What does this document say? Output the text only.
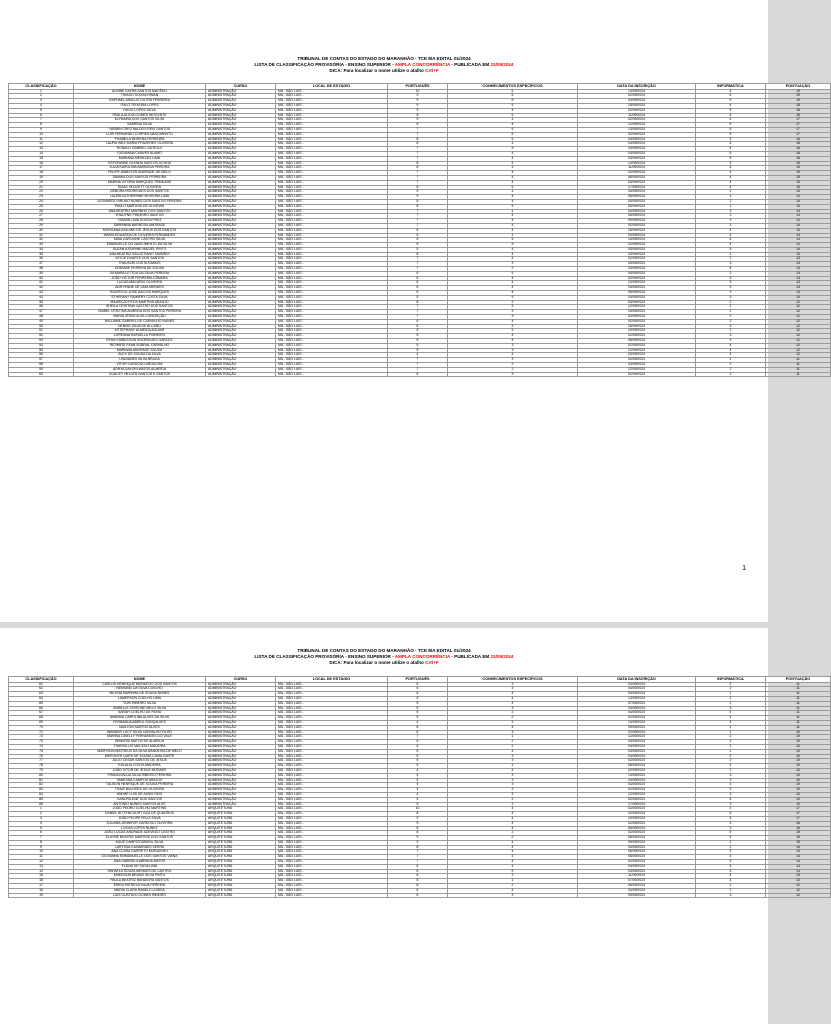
TRIBUNAL DE CONTAS DO ESTADO DO MARANHÃO - TCE MA EDITAL 01/2024
LISTA DE CLASSIFICAÇÃO PROVISÓRIA - ENSINO SUPERIOR - AMPLA CONCORRÊNCIA - PUBLICADA EM 23/09/2024
DICA: Para localizar o nome utilize o atalho Crtl+F
CLASSIFICAÇÃO	NOME	CURSO	LOCAL DE ESTÁGIO	PORTUGUÊS	CONHECIMENTOS ESPECÍFICOS	DATA DA INSCRIÇÃO	INFORMÁTICA	PONTUAÇÃO
1	ALINNE KAYRA SANTOS MACÊDO	ADMINISTRAÇÃO	MA - SÃO LUÍS -	10	5	13/09/2024	4	19
2	THIAGO SOUSA PAVAN	ADMINISTRAÇÃO	MA - SÃO LUÍS -	9	5	02/09/2024	5	19
3	RAPHAEL ARAUJO DUTRA FERREIRA	ADMINISTRAÇÃO	MA - SÃO LUÍS -	9	5	04/09/2024	5	19
4	ITALO TEIXEIRA LOPES	ADMINISTRAÇÃO	MA - SÃO LUÍS -	9	5	15/09/2024	4	18
5	HUGO LOPES SILVA	ADMINISTRAÇÃO	MA - SÃO LUÍS -	9	4	02/09/2024	5	18
6	PAULA ALICIA GOMES INOCENTE	ADMINISTRAÇÃO	MA - SÃO LUÍS -	8	5	11/09/2024	5	18
7	ELYNAIRA DOS SANTOS SILVA	ADMINISTRAÇÃO	MA - SÃO LUÍS -	9	4	02/09/2024	4	17
8	SABRINA SILVA	ADMINISTRAÇÃO	MA - SÃO LUÍS -	8	4	12/09/2024	5	17
9	YASMIN CRISTINA DOS REIS SANTOS	ADMINISTRAÇÃO	MA - SÃO LUÍS -	7	5	13/09/2024	5	17
10	LUIS FERNANDO CORREA NASCIMENTO	ADMINISTRAÇÃO	MA - SÃO LUÍS -	7	5	02/09/2024	5	17
11	PHAMELA MORENA FERREIRA	ADMINISTRAÇÃO	MA - SÃO LUÍS -	8	5	03/09/2024	3	16
12	LAURA INEZ MARIA PRAZERES OLIVEIRA	ADMINISTRAÇÃO	MA - SÃO LUÍS -	8	4	04/09/2024	4	16
13	RONALD GABRIEL SA ROLO	ADMINISTRAÇÃO	MA - SÃO LUÍS -	7	5	04/09/2024	4	16
14	GIOVANNA CHAVES ALAMO	ADMINISTRAÇÃO	MA - SÃO LUÍS -	7	4	04/09/2024	5	16
15	MARIANA MENEZES LIMA	ADMINISTRAÇÃO	MA - SÃO LUÍS -	7	4	03/09/2024	5	16
16	ESTEFANNE GLENDA SANTOS UCHOA	ADMINISTRAÇÃO	MA - SÃO LUÍS -	8	4	10/09/2024	3	15
17	JULIA KAROLINA BARBOSA PEREIRA	ADMINISTRAÇÃO	MA - SÃO LUÍS -	8	3	11/09/2024	4	15
18	FELIPE WABSTER ANDRADE DE MELO	ADMINISTRAÇÃO	MA - SÃO LUÍS -	7	4	02/09/2024	4	15
19	SAMIKA DOS SANTOS FERREIRA	ADMINISTRAÇÃO	MA - SÃO LUÍS -	7	4	06/09/2024	4	15
20	MARINA VITÓRIA MARQUES TRINDADE	ADMINISTRAÇÃO	MA - SÃO LUÍS -	7	4	04/09/2024	4	15
21	ISAAC HOZZETT OLIVEIRA	ADMINISTRAÇÃO	MA - SÃO LUÍS -	6	5	17/09/2024	4	15
22	DÉBORA RODRIGUES DOS SANTOS	ADMINISTRAÇÃO	MA - SÃO LUÍS -	9	4	04/09/2024	1	14
23	LAURA KATHERINNE MOREIRA LIMA	ADMINISTRAÇÃO	MA - SÃO LUÍS -	9	4	06/09/2024	1	14
24	LEONARDO BRUNO NUNES DOS SANTOS PEREIRA	ADMINISTRAÇÃO	MA - SÃO LUÍS -	8	4	04/09/2024	2	14
25	PAULO MARTINS DE OLIVEIRA	ADMINISTRAÇÃO	MA - SÃO LUÍS -	8	5	05/09/2024	1	14
26	ANA BEATRIZ MARINHO DOS SANTOS	ADMINISTRAÇÃO	MA - SÃO LUÍS -	7	4	03/09/2024	3	14
27	THAUYNE PINHEIRO SANTOS	ADMINISTRAÇÃO	MA - SÃO LUÍS -	7	4	05/09/2024	3	14
28	YASMIN LIMA SOUSA FREZ	ADMINISTRAÇÃO	MA - SÃO LUÍS -	7	4	09/09/2024	3	14
29	SABRINNA BARBOSA ANDRADE	ADMINISTRAÇÃO	MA - SÃO LUÍS -	7	4	02/09/2024	3	14
30	MORGANA KAILANE DE JESUS DOS SANTOS	ADMINISTRAÇÃO	MA - SÃO LUÍS -	6	4	16/09/2024	4	14
31	MARIA EDUARDA DE OLIVEIRA FERNANDES	ADMINISTRAÇÃO	MA - SÃO LUÍS -	6	4	04/09/2024	4	14
32	MAIA CAROLINE CASTRO SILVA	ADMINISTRAÇÃO	MA - SÃO LUÍS -	5	5	10/09/2024	4	14
33	EMANUELLE DO NASCIMENTO DA SILVA	ADMINISTRAÇÃO	MA - SÃO LUÍS -	5	5	02/09/2024	4	14
34	SUZAN KATARINE MACIEL PINTO	ADMINISTRAÇÃO	MA - SÃO LUÍS -	5	4	03/09/2024	5	14
35	ANA BEATRIZ SALUSTIANO TAVARES	ADMINISTRAÇÃO	MA - SÃO LUÍS -	8	4	10/09/2024	1	13
36	JOYCE DUARTE DOS SANTOS	ADMINISTRAÇÃO	MA - SÃO LUÍS -	7	4	02/09/2024	2	13
37	THAUSON COSTA RAMOS	ADMINISTRAÇÃO	MA - SÃO LUÍS -	7	3	03/09/2024	3	13
38	LEIDIANE PEREIRA DE SOUSA	ADMINISTRAÇÃO	MA - SÃO LUÍS -	7	2	03/09/2024	4	13
39	SILMARA LETICIA DA SILVA PEREIRA	ADMINISTRAÇÃO	MA - SÃO LUÍS -	6	5	04/09/2024	2	13
40	JOÃO VICTOR FERREIRA CÂMARA	ADMINISTRAÇÃO	MA - SÃO LUÍS -	6	4	02/09/2024	3	13
41	LUCAS MACARIO OLIVEIRA	ADMINISTRAÇÃO	MA - SÃO LUÍS -	6	4	10/09/2024	3	13
42	ADRYENNE DE LIMA MENDES	ADMINISTRAÇÃO	MA - SÃO LUÍS -	6	4	04/09/2024	3	13
43	RODRYGO JOSÉ BACCHI MARQUES	ADMINISTRAÇÃO	MA - SÃO LUÍS -	6	4	05/09/2024	3	13
44	STHEFANY RAIMERY COSTA SILVA	ADMINISTRAÇÃO	MA - SÃO LUÍS -	5	5	04/09/2024	3	13
45	MAURICIO FELIX MARTINS ARAÚJO	ADMINISTRAÇÃO	MA - SÃO LUÍS -	8	2	04/09/2024	2	12
46	SHEILA CRISTINA CASTRO DOS SANTOS	ADMINISTRAÇÃO	MA - SÃO LUÍS -	7	3	12/09/2024	2	12
47	ISABEL CRISTINA ALMEIDA DOS SANTOS PEREIRA	ADMINISTRAÇÃO	MA - SÃO LUÍS -	7	3	03/09/2024	2	12
48	MARIA JÉSSICA DA CONCEIÇÃO	ADMINISTRAÇÃO	MA - SÃO LUÍS -	7	3	03/09/2024	2	12
49	WILLIAME GABRIEL DE CARVALHO NUNES	ADMINISTRAÇÃO	MA - SÃO LUÍS -	6	4	02/09/2024	2	12
50	DENISE SILVA DE ALCANO	ADMINISTRAÇÃO	MA - SÃO LUÍS -	6	3	16/09/2024	3	12
51	ESTEPHANY ALMEIDA AGUIAR	ADMINISTRAÇÃO	MA - SÃO LUÍS -	5	5	10/09/2024	2	12
52	LORENNA RAFAELLA PINHEIRO	ADMINISTRAÇÃO	MA - SÃO LUÍS -	5	4	02/09/2024	3	12
53	RYAN KAIBESSON RODRIGUES GARCEZ	ADMINISTRAÇÃO	MA - SÃO LUÍS -	5	4	08/09/2024	3	12
54	RICHARD RYAN SOBRAL CARVALHO	ADMINISTRAÇÃO	MA - SÃO LUÍS -	5	3	02/09/2024	4	12
55	MARIANA ANDRADE SOUSA	ADMINISTRAÇÃO	MA - SÃO LUÍS -	5	3	12/09/2024	4	12
56	ALEX DE SOUSA DA SILVA	ADMINISTRAÇÃO	MA - SÃO LUÍS -	4	4	03/09/2024	4	12
57	LINDIANES SILVA BRAGA	ADMINISTRAÇÃO	MA - SÃO LUÍS -	7	3	02/09/2024	1	11
58	VITOR CARDOSO AROUCHA	ADMINISTRAÇÃO	MA - SÃO LUÍS -	7	2	04/09/2024	2	11
59	ADRYA SAYORI MATOS ALMEIDA	ADMINISTRAÇÃO	MA - SÃO LUÍS -	7	2	12/09/2024	2	11
60	GUACEY HELLEN SANTOS E SANTOS	ADMINISTRAÇÃO	MA - SÃO LUÍS -	6	3	02/09/2024	2	11
1
TRIBUNAL DE CONTAS DO ESTADO DO MARANHÃO - TCE MA EDITAL 01/2024
LISTA DE CLASSIFICAÇÃO PROVISÓRIA - ENSINO SUPERIOR - AMPLA CONCORRÊNCIA - PUBLICADA EM 23/09/2024
DICA: Para localizar o nome utilize o atalho Crtl+F
CLASSIFICAÇÃO	NOME	CURSO	LOCAL DE ESTÁGIO	PORTUGUÊS	CONHECIMENTOS ESPECÍFICOS	DATA DA INSCRIÇÃO	INFORMÁTICA	PONTUAÇÃO
61	CARLOS HENRIQUE MONDEGO DOS SANTOS	ADMINISTRAÇÃO	MA - SÃO LUÍS -	6	3	03/09/2024	2	11
62	NEMIAND DA SILVA COELHO	ADMINISTRAÇÃO	MA - SÃO LUÍS -	6	3	04/09/2024	2	11
63	MILENA MARINHA DE SOUSA NUNES	ADMINISTRAÇÃO	MA - SÃO LUÍS -	6	4	03/09/2024	1	11
64	LAMERSON COELHO LIMA	ADMINISTRAÇÃO	MA - SÃO LUÍS -	5	4	13/09/2024	2	11
65	YURI RIBEIRO SILVA	ADMINISTRAÇÃO	MA - SÃO LUÍS -	5	4	07/09/2024	2	11
66	ISABELLE CRISTINE MELO SILVA	ADMINISTRAÇÃO	MA - SÃO LUÍS -	5	3	04/09/2024	3	11
67	SARAH COELHO DE PAIVA	ADMINISTRAÇÃO	MA - SÃO LUÍS -	5	2	04/09/2024	4	11
68	AMANDA CAROLINA ALVES DA SILVA	ADMINISTRAÇÃO	MA - SÃO LUÍS -	5	2	02/09/2024	4	11
69	FERNANDA ABREU GONÇALVES	ADMINISTRAÇÃO	MA - SÃO LUÍS -	4	3	13/09/2024	4	11
70	NAILTON SANTOS ALVES	ADMINISTRAÇÃO	MA - SÃO LUÍS -	6	4	09/09/2024	1	11
71	WANDER LUCY SILVA CARVALHO FILHO	ADMINISTRAÇÃO	MA - SÃO LUÍS -	6	3	02/09/2024	1	10
72	MARINA CIBELLY FERNANDES DO VALE	ADMINISTRAÇÃO	MA - SÃO LUÍS -	7	1	12/09/2024	2	10
73	WINGRID MATOS DE ALMEIDA	ADMINISTRAÇÃO	MA - SÃO LUÍS -	6	2	03/09/2024	2	10
74	THARSILLIO MACEDO MADEIRA	ADMINISTRAÇÃO	MA - SÃO LUÍS -	6	2	04/09/2024	2	10
75	MARYSON MATHEUS DA SILVA BANDEIRA DE MELO	ADMINISTRAÇÃO	MA - SÃO LUÍS -	5	4	03/09/2024	1	10
76	WERONYK LIARS DE SOUSA CAVALCANTE	ADMINISTRAÇÃO	MA - SÃO LUÍS -	5	3	04/09/2024	2	10
77	JULIO CESAR SANTOS DE JESUS	ADMINISTRAÇÃO	MA - SÃO LUÍS -	5	3	02/09/2024	2	10
78	EULALIA COSTA MADEIRA	ADMINISTRAÇÃO	MA - SÃO LUÍS -	5	1	06/09/2024	4	10
79	JOÃO VITOR DE JESUS MORAES	ADMINISTRAÇÃO	MA - SÃO LUÍS -	4	4	02/09/2024	2	10
80	FRANCIVALDA SILVA RIBEIRO PEREIRA	ADMINISTRAÇÃO	MA - SÃO LUÍS -	4	3	13/09/2024	3	10
81	VANESSA CAMPOS ARAÚJO	ADMINISTRAÇÃO	MA - SÃO LUÍS -	4	3	04/09/2024	3	10
82	TALISON HENRIQUE DE SOUSA PEREIRA	ADMINISTRAÇÃO	MA - SÃO LUÍS -	4	3	03/09/2024	3	10
83	THAIS BULHÕES DE OLIVEIRA	ADMINISTRAÇÃO	MA - SÃO LUÍS -	4	3	02/09/2024	3	10
84	ANDRÉ LUIS DE ASSIS REIS	ADMINISTRAÇÃO	MA - SÃO LUÍS -	4	3	12/09/2024	3	10
85	SANDRILENE DOS SANTOS	ADMINISTRAÇÃO	MA - SÃO LUÍS -	4	2	02/09/2024	4	10
86	ANTONIO NUNES SANTOS ALVE	ADMINISTRAÇÃO	MA - SÃO LUÍS -	5	2	17/09/2024	3	10
1	JOÃO PEDRO COELHO MARTINS	ARQUITETURA	MA - SÃO LUÍS -	10	4	02/09/2024	3	17
2	DANIEL BITTENCOURT GÇA DE QUADROS	ARQUITETURA	MA - SÃO LUÍS -	8	4	02/09/2024	5	17
3	JOÃO FELIPE FELIX SILVA	ARQUITETURA	MA - SÃO LUÍS -	9	4	10/09/2024	4	17
4	JULIANA JENNIFER CARDOSO OLIVEIRA	ARQUITETURA	MA - SÃO LUÍS -	9	4	02/09/2024	3	16
5	LUCAS LOPES NUNEZ	ARQUITETURA	MA - SÃO LUÍS -	8	4	06/09/2024	3	16
6	JOÃO LUCAS ANDRADE AZEVEDO CASTRO	ARQUITETURA	MA - SÃO LUÍS -	8	2	02/09/2024	5	15
7	ELAYNE BEATRIZ MARTINS DOS SANTOS	ARQUITETURA	MA - SÃO LUÍS -	9	2	06/09/2024	4	15
8	KAUÊ CAMPOS BRASIL SILVA	ARQUITETURA	MA - SÃO LUÍS -	9	4	09/09/2024	2	15
9	LARYSSA GUIMARAES SERRA	ARQUITETURA	MA - SÃO LUÍS -	8	4	04/09/2024	2	14
10	ANA CLARA GARRETO MORAIVSKI	ARQUITETURA	MA - SÃO LUÍS -	7	4	06/09/2024	3	14
11	GIOVANNA EMMANUELLE DOS SANTOS VIANA	ARQUITETURA	MA - SÃO LUÍS -	7	3	06/09/2024	4	14
12	ANA GABRIELA ABRAHA MATOS	ARQUITETURA	MA - SÃO LUÍS -	7	4	02/09/2024	3	14
13	FLAVIA DE SILVA LIMA	ARQUITETURA	MA - SÃO LUÍS -	6	4	04/09/2024	4	14
14	RAFAELA SOUZA MENDES DE CASTRO	ARQUITETURA	MA - SÃO LUÍS -	6	5	03/09/2024	3	14
15	EMERSON BRUNO SILVA PINTO	ARQUITETURA	MA - SÃO LUÍS -	6	3	11/09/2024	4	13
16	PAULA BEATRIZ BANDEIRA SANTOS	ARQUITETURA	MA - SÃO LUÍS -	8	1	07/09/2024	4	13
17	ERIKA PATRÍCIA SILVA PEREIRA	ARQUITETURA	MA - SÃO LUÍS -	8	2	06/09/2024	2	12
18	MARIA CLARA RABELO LISBÔA	ARQUITETURA	MA - SÃO LUÍS -	6	4	04/09/2024	2	12
19	LUIS GUSTAVO GOMES RIBEIRO	ARQUITETURA	MA - SÃO LUÍS -	6	3	09/09/2024	3	12
